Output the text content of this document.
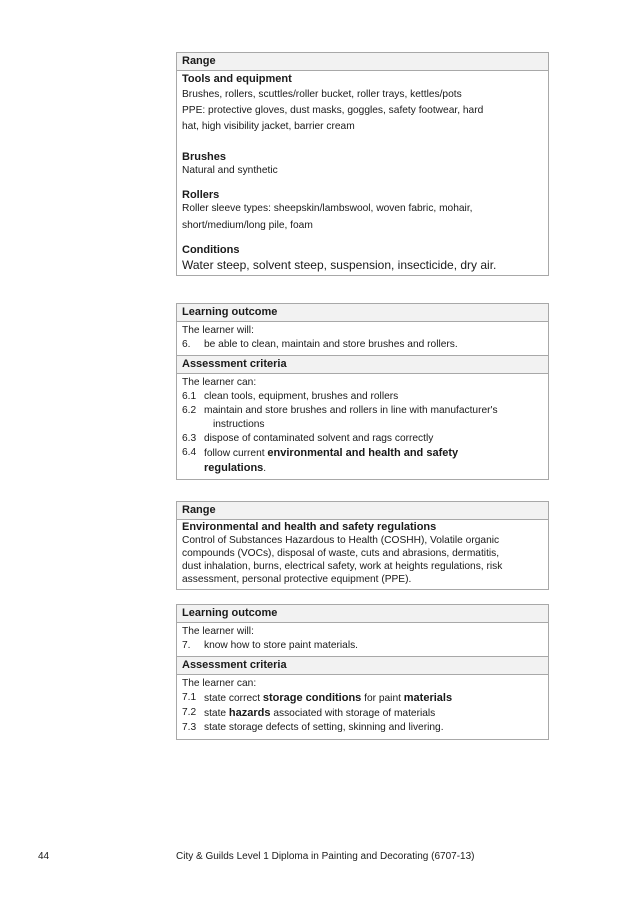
Range

Tools and equipment

Brushes, rollers, scuttles/roller bucket, roller trays, kettles/pots

PPE: protective gloves, dust masks, goggles, safety footwear, hard

hat, high visibility jacket, barrier cream

Brushes

Natural and synthetic

Rollers

Roller sleeve types: sheepskin/lambswool, woven fabric, mohair,

short/medium/long pile, foam

Conditions

Water steep, solvent steep, suspension, insecticide, dry air.

Learning outcome

The learner will:

6.	be able to clean, maintain and store brushes and rollers.
Assessment criteria

The learner can:

6.1 clean tools, equipment, brushes and rollers
6.2 maintain and store brushes and rollers in line with manufacturer's

instructions

6.3 dispose of contaminated solvent and rags correctly
6.4 follow current environmental and health and safety

regulations.

Range

Environmental and health and safety regulations

Control of Substances Hazardous to Health (COSHH), Volatile organic

compounds (VOCs), disposal of waste, cuts and abrasions, dermatitis,

dust inhalation, burns, electrical safety, work at heights regulations, risk

assessment, personal protective equipment (PPE).

Learning outcome

The learner will:

7.	know how to store paint materials.
Assessment criteria

The learner can:

7.1 state correct storage conditions for paint materials
7.2 state hazards associated with storage of materials
7.3 state storage defects of setting, skinning and livering.
44	City & Guilds Level 1 Diploma in Painting and Decorating (6707-13)
